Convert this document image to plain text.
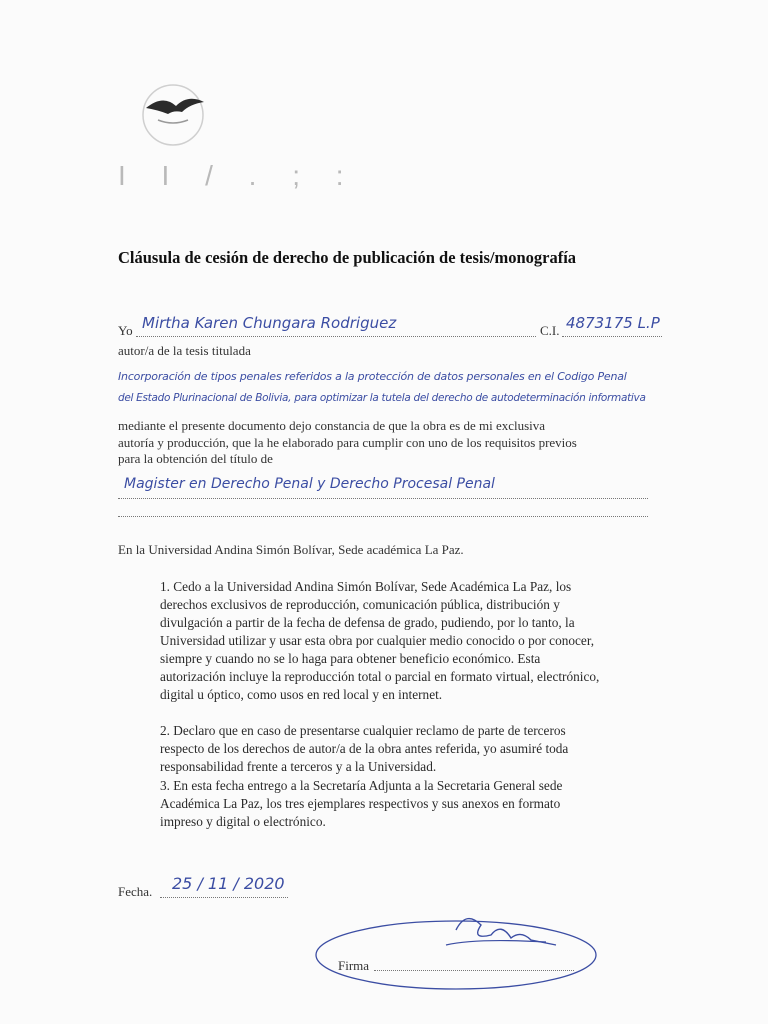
I I / . ; :
Cláusula de cesión de derecho de publicación de tesis/monografía
Yo Mirtha Karen Chungara Rodriguez	C.I. 4873175 L.P
autor/a de la tesis titulada
Incorporación de tipos penales referidos a la protección de datos personales en el Codigo Penal
del Estado Plurinacional de Bolivia, para optimizar la tutela del derecho de autodeterminación informativa
mediante el presente documento dejo constancia de que la obra es de mi exclusiva
autoría y producción, que la he elaborado para cumplir con uno de los requisitos previos
para la obtención del título de
Magister en Derecho Penal y Derecho Procesal Penal
En la Universidad Andina Simón Bolívar, Sede académica La Paz.

1. Cedo a la Universidad Andina Simón Bolívar, Sede Académica La Paz, los

derechos exclusivos de reproducción, comunicación pública, distribución y

divulgación a partir de la fecha de defensa de grado, pudiendo, por lo tanto, la

Universidad utilizar y usar esta obra por cualquier medio conocido o por conocer,

siempre y cuando no se lo haga para obtener beneficio económico. Esta

autorización incluye la reproducción total o parcial en formato virtual, electrónico,

digital u óptico, como usos en red local y en internet.

2. Declaro que en caso de presentarse cualquier reclamo de parte de terceros

respecto de los derechos de autor/a de la obra antes referida, yo asumiré toda

responsabilidad frente a terceros y a la Universidad.

3. En esta fecha entrego a la Secretaría Adjunta a la Secretaria General sede

Académica La Paz, los tres ejemplares respectivos y sus anexos en formato

impreso y digital o electrónico.

Fecha. 25 / 11 / 2020
Firma
